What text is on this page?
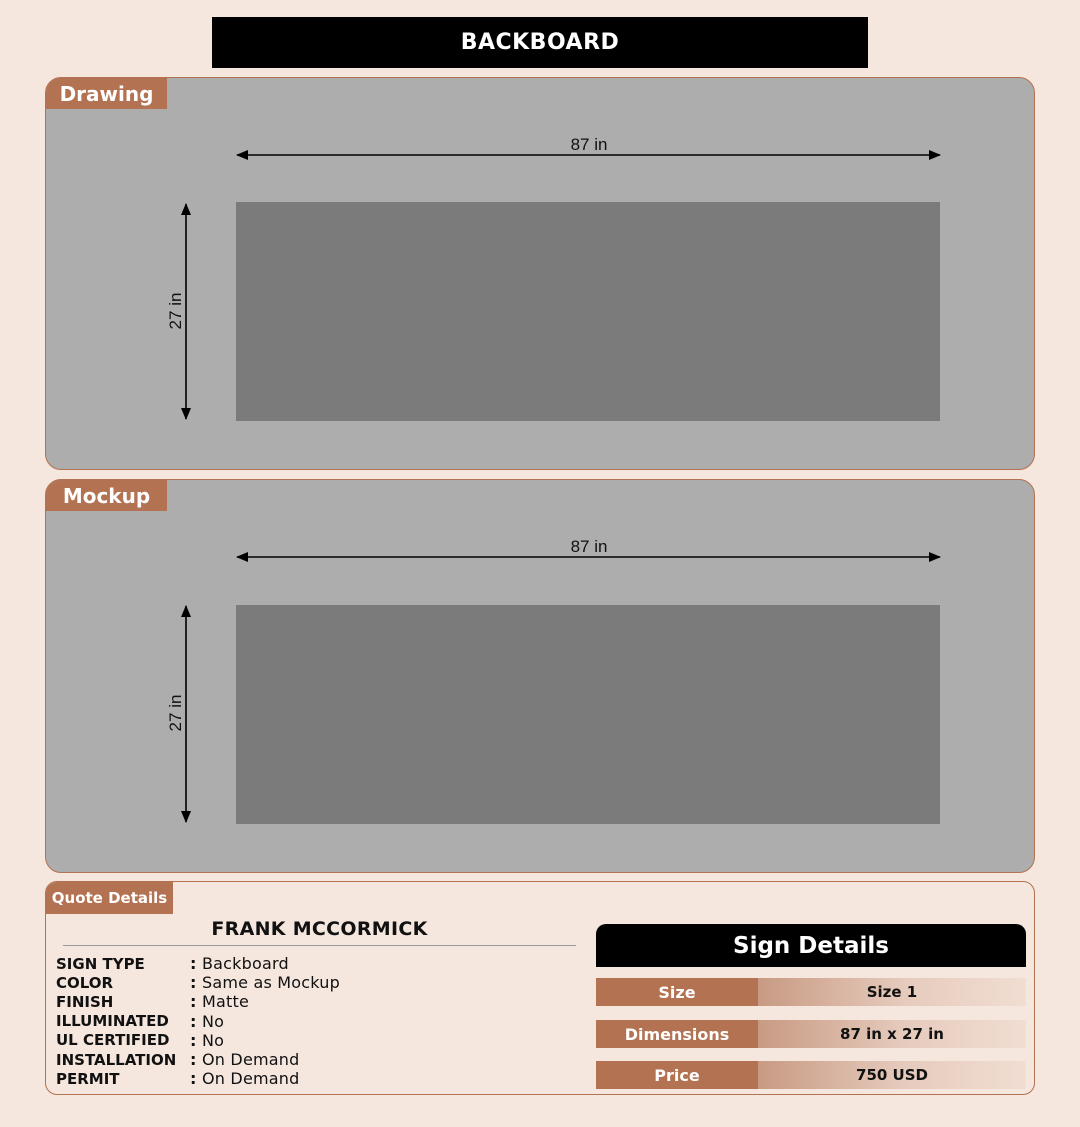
BACKBOARD
Drawing
87 in
27 in
Mockup
87 in
27 in
Quote Details
FRANK MCCORMICK
SIGN TYPE	: Backboard
COLOR	: Same as Mockup
FINISH	: Matte
ILLUMINATED	: No
UL CERTIFIED	: No
INSTALLATION : On Demand
PERMIT	: On Demand
Sign Details
Size	Size 1
Dimensions	87 in x 27 in
Price	750 USD
